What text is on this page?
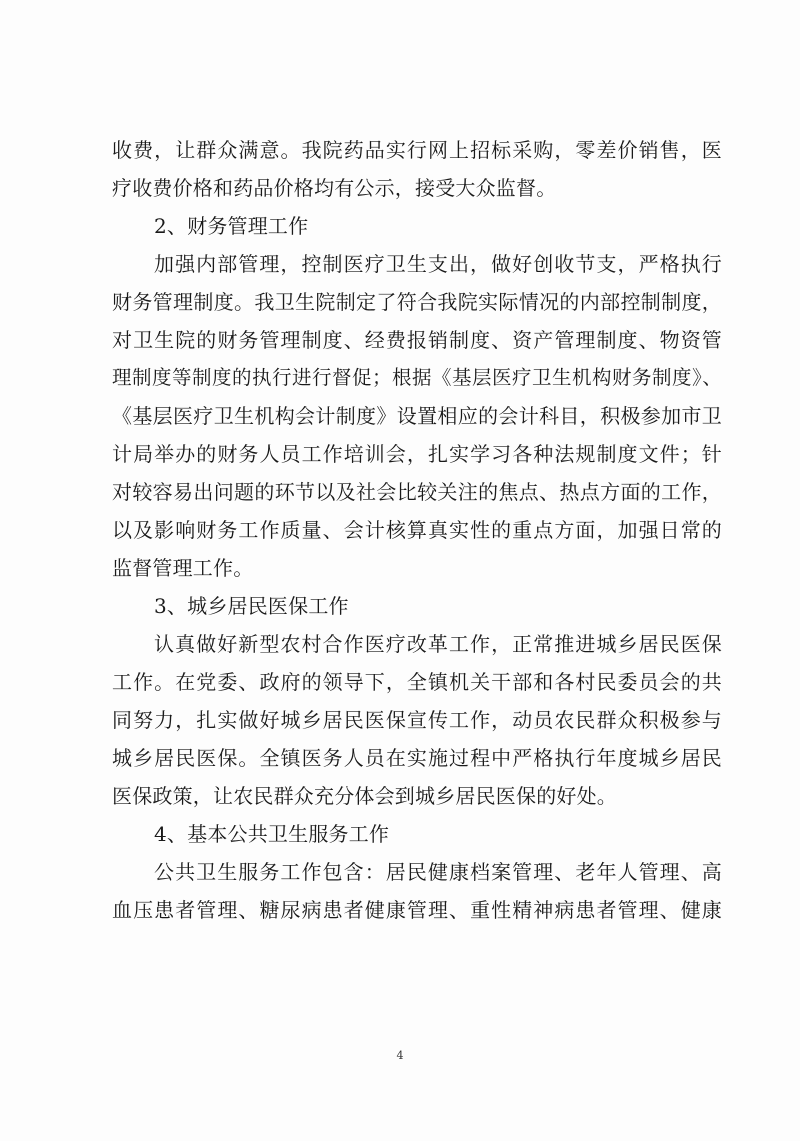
收费，让群众满意。我院药品实行网上招标采购，零差价销售，医
疗收费价格和药品价格均有公示，接受大众监督。
2、财务管理工作
加强内部管理，控制医疗卫生支出，做好创收节支，严格执行
财务管理制度。我卫生院制定了符合我院实际情况的内部控制制度，
对卫生院的财务管理制度、经费报销制度、资产管理制度、物资管
理制度等制度的执行进行督促；根据《基层医疗卫生机构财务制度》、
《基层医疗卫生机构会计制度》设置相应的会计科目，积极参加市卫
计局举办的财务人员工作培训会，扎实学习各种法规制度文件；针
对较容易出问题的环节以及社会比较关注的焦点、热点方面的工作，
以及影响财务工作质量、会计核算真实性的重点方面，加强日常的
监督管理工作。
3、城乡居民医保工作
认真做好新型农村合作医疗改革工作，正常推进城乡居民医保
工作。在党委、政府的领导下，全镇机关干部和各村民委员会的共
同努力，扎实做好城乡居民医保宣传工作，动员农民群众积极参与
城乡居民医保。全镇医务人员在实施过程中严格执行年度城乡居民
医保政策，让农民群众充分体会到城乡居民医保的好处。
4、基本公共卫生服务工作
公共卫生服务工作包含：居民健康档案管理、老年人管理、高
血压患者管理、糖尿病患者健康管理、重性精神病患者管理、健康
4
